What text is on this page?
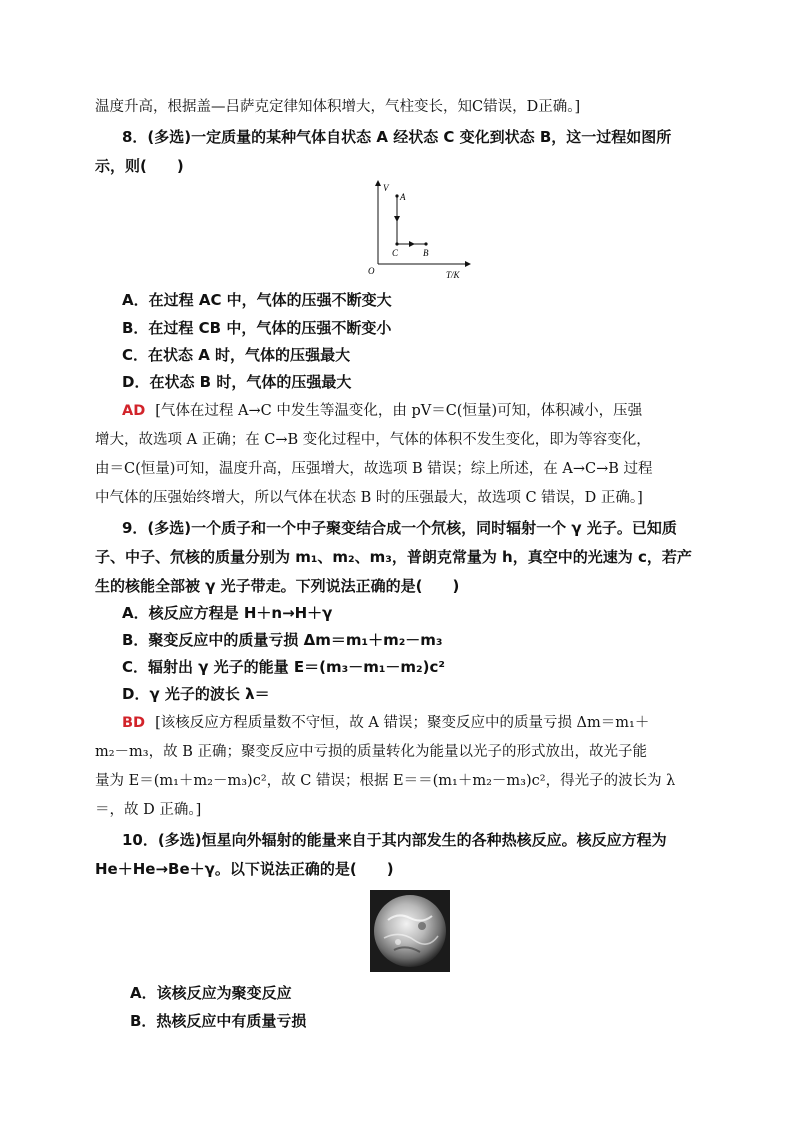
温度升高，根据盖—吕萨克定律知体积增大，气柱变长，知C错误，D正确。]
8．(多选)一定质量的某种气体自状态 A 经状态 C 变化到状态 B，这一过程如图所
示，则(　　)
V
T/K
O
A
C	B
A．在过程 AC 中，气体的压强不断变大
B．在过程 CB 中，气体的压强不断变小
C．在状态 A 时，气体的压强最大
D．在状态 B 时，气体的压强最大
AD [气体在过程 A→C 中发生等温变化，由 pV＝C(恒量)可知，体积减小，压强
增大，故选项 A 正确；在 C→B 变化过程中，气体的体积不发生变化，即为等容变化，
由＝C(恒量)可知，温度升高，压强增大，故选项 B 错误；综上所述，在 A→C→B 过程
中气体的压强始终增大，所以气体在状态 B 时的压强最大，故选项 C 错误，D 正确。]
9．(多选)一个质子和一个中子聚变结合成一个氘核，同时辐射一个 γ 光子。已知质
子、中子、氘核的质量分别为 m₁、m₂、m₃，普朗克常量为 h，真空中的光速为 c，若产
生的核能全部被 γ 光子带走。下列说法正确的是(　　)
A．核反应方程是 H＋n→H＋γ
B．聚变反应中的质量亏损 Δm＝m₁＋m₂－m₃
C．辐射出 γ 光子的能量 E＝(m₃－m₁－m₂)c²
D．γ 光子的波长 λ＝
BD [该核反应方程质量数不守恒，故 A 错误；聚变反应中的质量亏损 Δm＝m₁＋
m₂－m₃，故 B 正确；聚变反应中亏损的质量转化为能量以光子的形式放出，故光子能
量为 E＝(m₁＋m₂－m₃)c²，故 C 错误；根据 E＝＝(m₁＋m₂－m₃)c²，得光子的波长为 λ
＝，故 D 正确。]
10．(多选)恒星向外辐射的能量来自于其内部发生的各种热核反应。核反应方程为
He＋He→Be＋γ。以下说法正确的是(　　)
A．该核反应为聚变反应
B．热核反应中有质量亏损
